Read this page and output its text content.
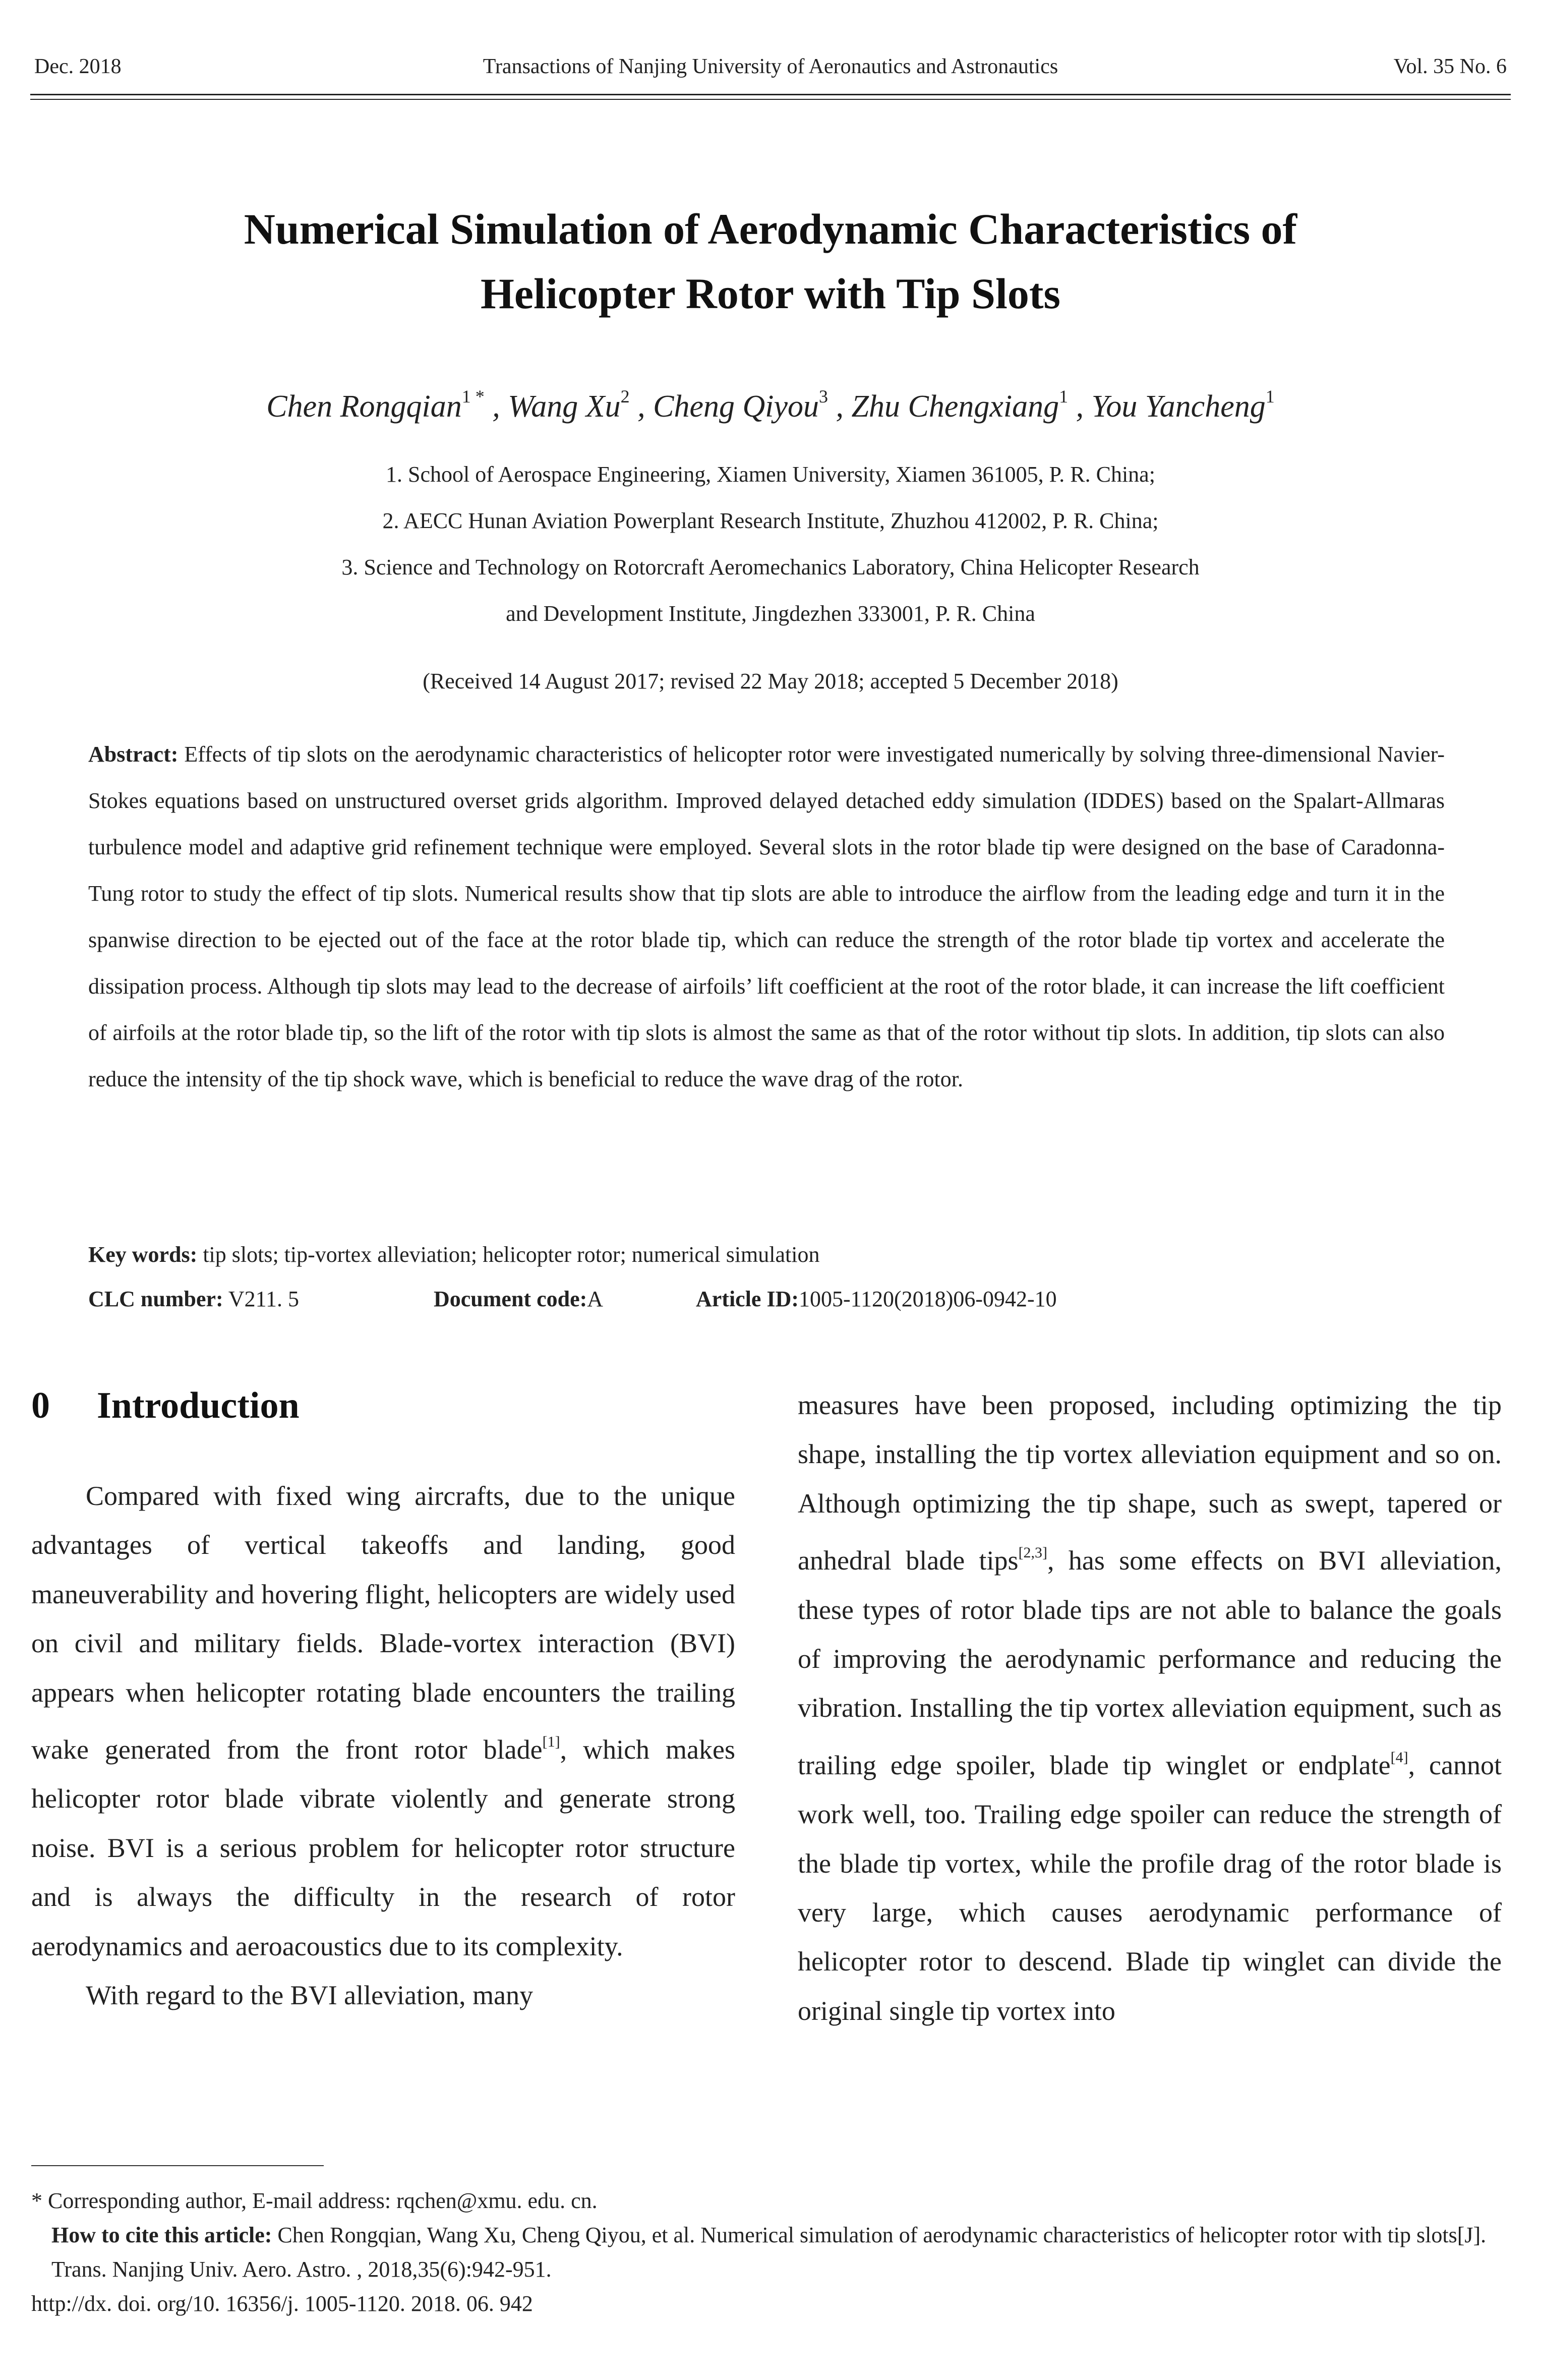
Dec. 2018	Transactions of Nanjing University of Aeronautics and Astronautics	Vol. 35 No. 6
Numerical Simulation of Aerodynamic Characteristics of
Helicopter Rotor with Tip Slots
Chen Rongqian$^{1 *}$ , Wang Xu$^2$ , Cheng Qiyou$^3$ , Zhu Chengxiang$^1$ , You Yancheng$^1$
1. School of Aerospace Engineering, Xiamen University, Xiamen 361005, P. R. China;
2. AECC Hunan Aviation Powerplant Research Institute, Zhuzhou 412002, P. R. China;
3. Science and Technology on Rotorcraft Aeromechanics Laboratory, China Helicopter Research
and Development Institute, Jingdezhen 333001, P. R. China
(Received 14 August 2017; revised 22 May 2018; accepted 5 December 2018)
Abstract: Effects of tip slots on the aerodynamic characteristics of helicopter rotor were investigated numerically by solving three-dimensional Navier-Stokes equations based on unstructured overset grids algorithm. Improved delayed detached eddy simulation (IDDES) based on the Spalart-Allmaras turbulence model and adaptive grid refinement technique were employed. Several slots in the rotor blade tip were designed on the base of Caradonna-Tung rotor to study the effect of tip slots. Numerical results show that tip slots are able to introduce the airflow from the leading edge and turn it in the spanwise direction to be ejected out of the face at the rotor blade tip, which can reduce the strength of the rotor blade tip vortex and accelerate the dissipation process. Although tip slots may lead to the decrease of airfoils’ lift coefficient at the root of the rotor blade, it can increase the lift coefficient of airfoils at the rotor blade tip, so the lift of the rotor with tip slots is almost the same as that of the rotor without tip slots. In addition, tip slots can also reduce the intensity of the tip shock wave, which is beneficial to reduce the wave drag of the rotor.
Key words: tip slots; tip-vortex alleviation; helicopter rotor; numerical simulation
CLC number: V211. 5	Document code:A	Article ID:1005-1120(2018)06-0942-10
0 Introduction

Compared with fixed wing aircrafts, due to the unique advantages of vertical takeoffs and landing, good maneuverability and hovering flight, helicopters are widely used on civil and military fields. Blade-vortex interaction (BVI) appears when helicopter rotating blade encounters the trailing wake generated from the front rotor blade[1], which makes helicopter rotor blade vibrate violently and generate strong noise. BVI is a serious problem for helicopter rotor structure and is always the difficulty in the research of rotor aerodynamics and aeroacoustics due to its complexity.

With regard to the BVI alleviation, many

measures have been proposed, including optimizing the tip shape, installing the tip vortex alleviation equipment and so on. Although optimizing the tip shape, such as swept, tapered or anhedral blade tips[2,3], has some effects on BVI alleviation, these types of rotor blade tips are not able to balance the goals of improving the aerodynamic performance and reducing the vibration. Installing the tip vortex alleviation equipment, such as trailing edge spoiler, blade tip winglet or endplate[4], cannot work well, too. Trailing edge spoiler can reduce the strength of the blade tip vortex, while the profile drag of the rotor blade is very large, which causes aerodynamic performance of helicopter rotor to descend. Blade tip winglet can divide the original single tip vortex into

* Corresponding author, E-mail address: rqchen@xmu. edu. cn.
How to cite this article: Chen Rongqian, Wang Xu, Cheng Qiyou, et al. Numerical simulation of aerodynamic characteristics of helicopter rotor with tip slots[J]. Trans. Nanjing Univ. Aero. Astro. , 2018,35(6):942-951.
http://dx. doi. org/10. 16356/j. 1005-1120. 2018. 06. 942
